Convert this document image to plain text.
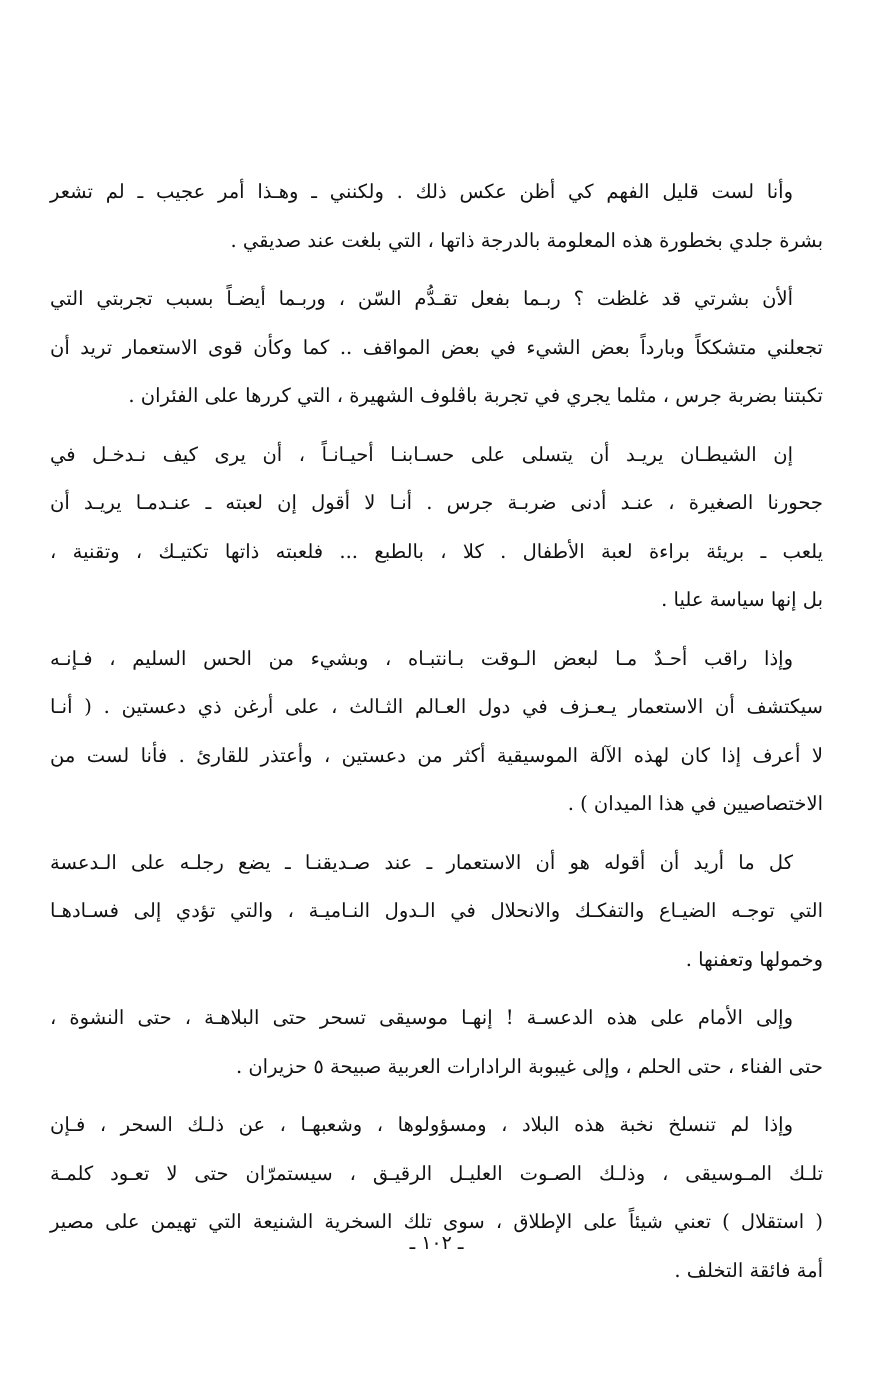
وأنا لست قليل الفهم كي أظن عكس ذلك . ولكنني ـ وهـذا أمر عجيب ـ لم تشعر
بشرة جلدي بخطورة هذه المعلومة بالدرجة ذاتها ، التي بلغت عند صديقي .

ألأن بشرتي قد غلظت ؟ ربـما بفعل تقـدُّم السّن ، وربـما أيضـاً بسبب تجربتي التي
تجعلني متشككاً وبارداً بعض الشيء في بعض المواقف .. كما وكأن قوى الاستعمار تريد أن
تكبتنا بضربة جرس ، مثلما يجري في تجربة باڤلوف الشهيرة ، التي كررها على الفئران .

إن الشيطـان يريـد أن يتسلى على حسـابنـا أحيـانـاً ، أن يرى كيف نـدخـل في
جحورنا الصغيرة ، عنـد أدنى ضربـة جرس . أنـا لا أقول إن لعبته ـ عنـدمـا يريـد أن
يلعب ـ بريئة براءة لعبة الأطفال . كلا ، بالطبع ... فلعبته ذاتها تكتيـك ، وتقنية ،
بل إنها سياسة عليا .

وإذا راقب أحـدٌ مـا لبعض الـوقت بـانتبـاه ، وبشيء من الحس السليم ، فـإنـه
سيكتشف أن الاستعمار يـعـزف في دول العـالم الثـالث ، على أرغن ذي دعستين . ( أنـا
لا أعرف إذا كان لهذه الآلة الموسيقية أكثر من دعستين ، وأعتذر للقارئ . فأنا لست من
الاختصاصيين في هذا الميدان ) .

كل ما أريد أن أقوله هو أن الاستعمار ـ عند صـديقنـا ـ يضع رجلـه على الـدعسة
التي توجـه الضيـاع والتفكـك والانحلال في الـدول النـاميـة ، والتي تؤدي إلى فسـادهـا
وخمولها وتعفنها .

وإلى الأمام على هذه الدعسـة ! إنهـا موسيقى تسحر حتى البلاهـة ، حتى النشوة ،
حتى الفناء ، حتى الحلم ، وإلى غيبوبة الرادارات العربية صبيحة ٥ حزيران .

وإذا لم تنسلخ نخبة هذه البلاد ، ومسؤولوها ، وشعبهـا ، عن ذلـك السحر ، فـإن
تلـك المـوسيقى ، وذلـك الصـوت العليـل الرقيـق ، سيستمرّان حتى لا تعـود كلمـة
( استقلال ) تعني شيئاً على الإطلاق ، سوى تلك السخرية الشنيعة التي تهيمن على مصير
أمة فائقة التخلف .

ـ ١٠٢ ـ
